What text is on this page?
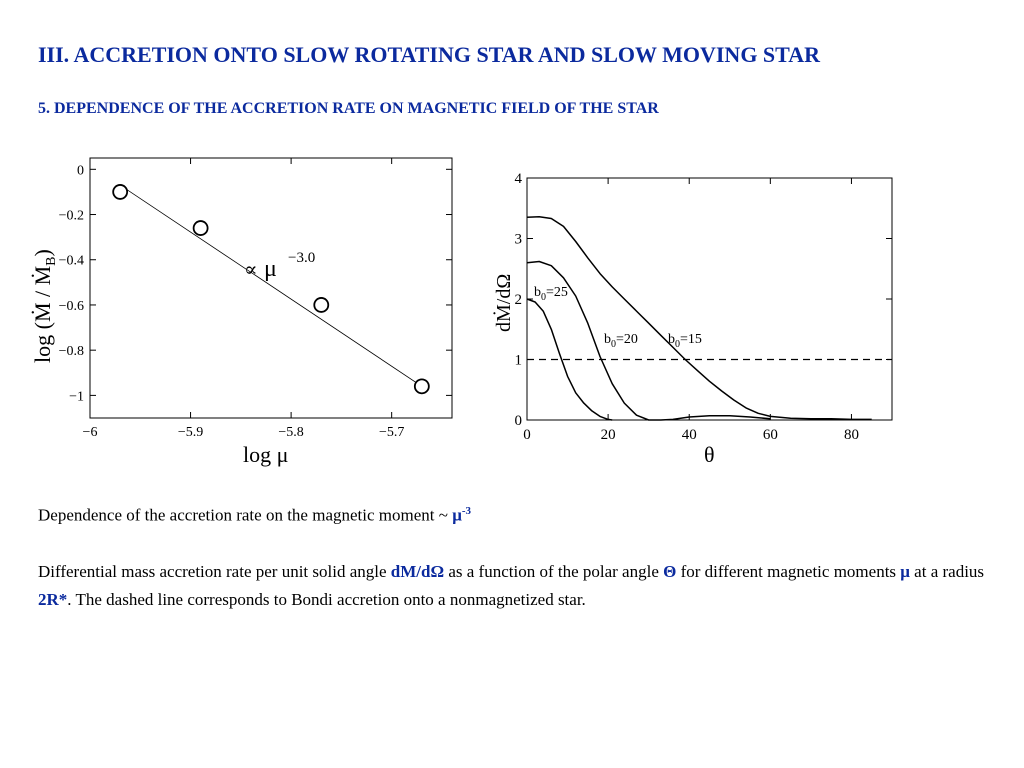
III. ACCRETION ONTO SLOW ROTATING STAR AND SLOW MOVING STAR
5. DEPENDENCE OF THE ACCRETION RATE ON MAGNETIC FIELD OF THE STAR
−6	−5.9	−5.8	−5.7
0
−0.2
−0.4
−0.6
−0.8
−1
∝ μ −3.0
log μ
log (Ṁ / Ṁ$_B$)
0	20	40	60	80
0
1
2
3
4
$b_0=15$
$b_0=20$
$b_0=25$
θ
dṀ/dΩ
Dependence of the accretion rate on the magnetic moment ~ $\mu^{-3}$
Differential mass accretion rate per unit solid angle dM/dΩ as a function of the polar angle Θ for different magnetic moments μ at a radius 2R*. The dashed line corresponds to Bondi accretion onto a nonmagnetized star.
